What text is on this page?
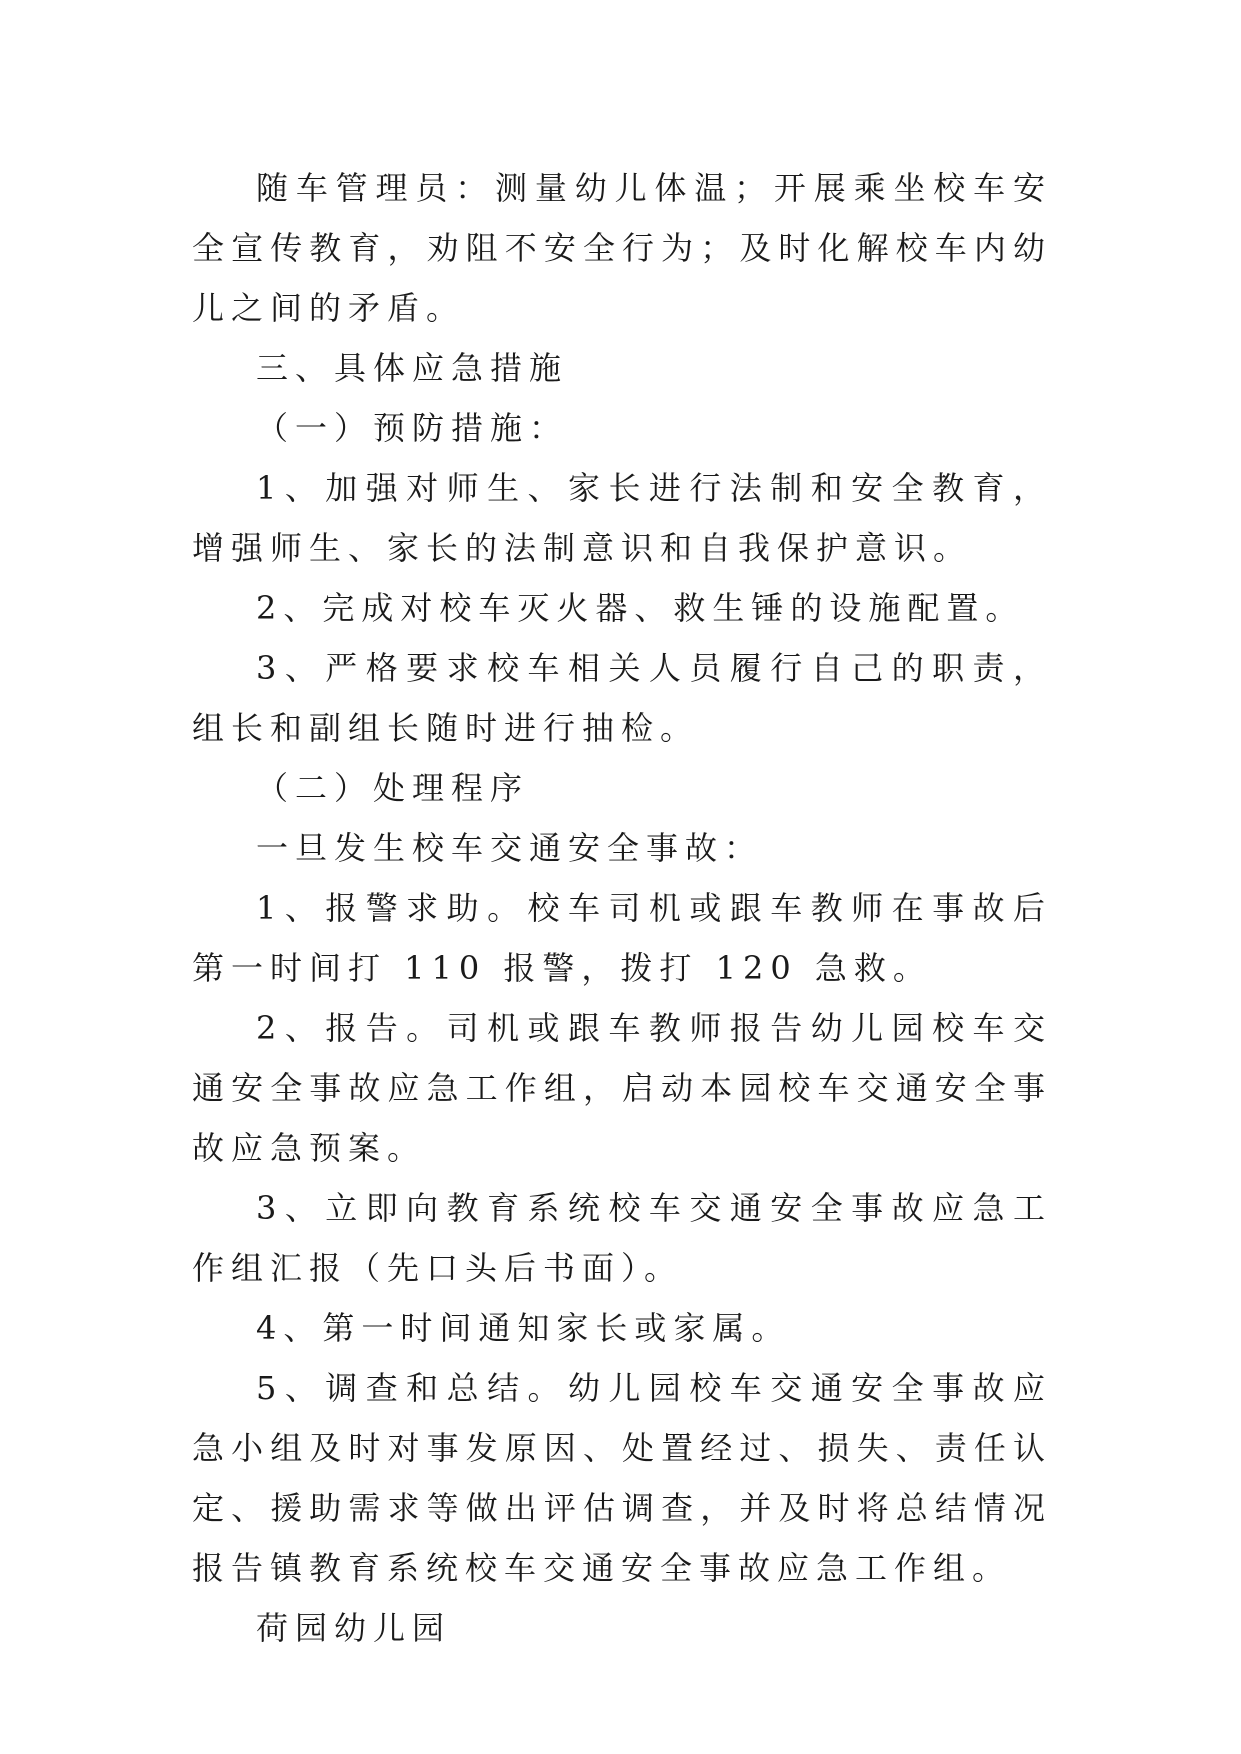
随车管理员：测量幼儿体温；开展乘坐校车安全宣传教育，劝阻不安全行为；及时化解校车内幼儿之间的矛盾。

三、具体应急措施

（一）预防措施：

1、加强对师生、家长进行法制和安全教育，增强师生、家长的法制意识和自我保护意识。

2、完成对校车灭火器、救生锤的设施配置。

3、严格要求校车相关人员履行自己的职责，组长和副组长随时进行抽检。

（二）处理程序

一旦发生校车交通安全事故：

1、报警求助。校车司机或跟车教师在事故后第一时间打 110 报警，拨打 120 急救。

2、报告。司机或跟车教师报告幼儿园校车交通安全事故应急工作组，启动本园校车交通安全事故应急预案。

3、立即向教育系统校车交通安全事故应急工作组汇报（先口头后书面）。

4、第一时间通知家长或家属。

5、调查和总结。幼儿园校车交通安全事故应急小组及时对事发原因、处置经过、损失、责任认定、援助需求等做出评估调查，并及时将总结情况报告镇教育系统校车交通安全事故应急工作组。

荷园幼儿园
